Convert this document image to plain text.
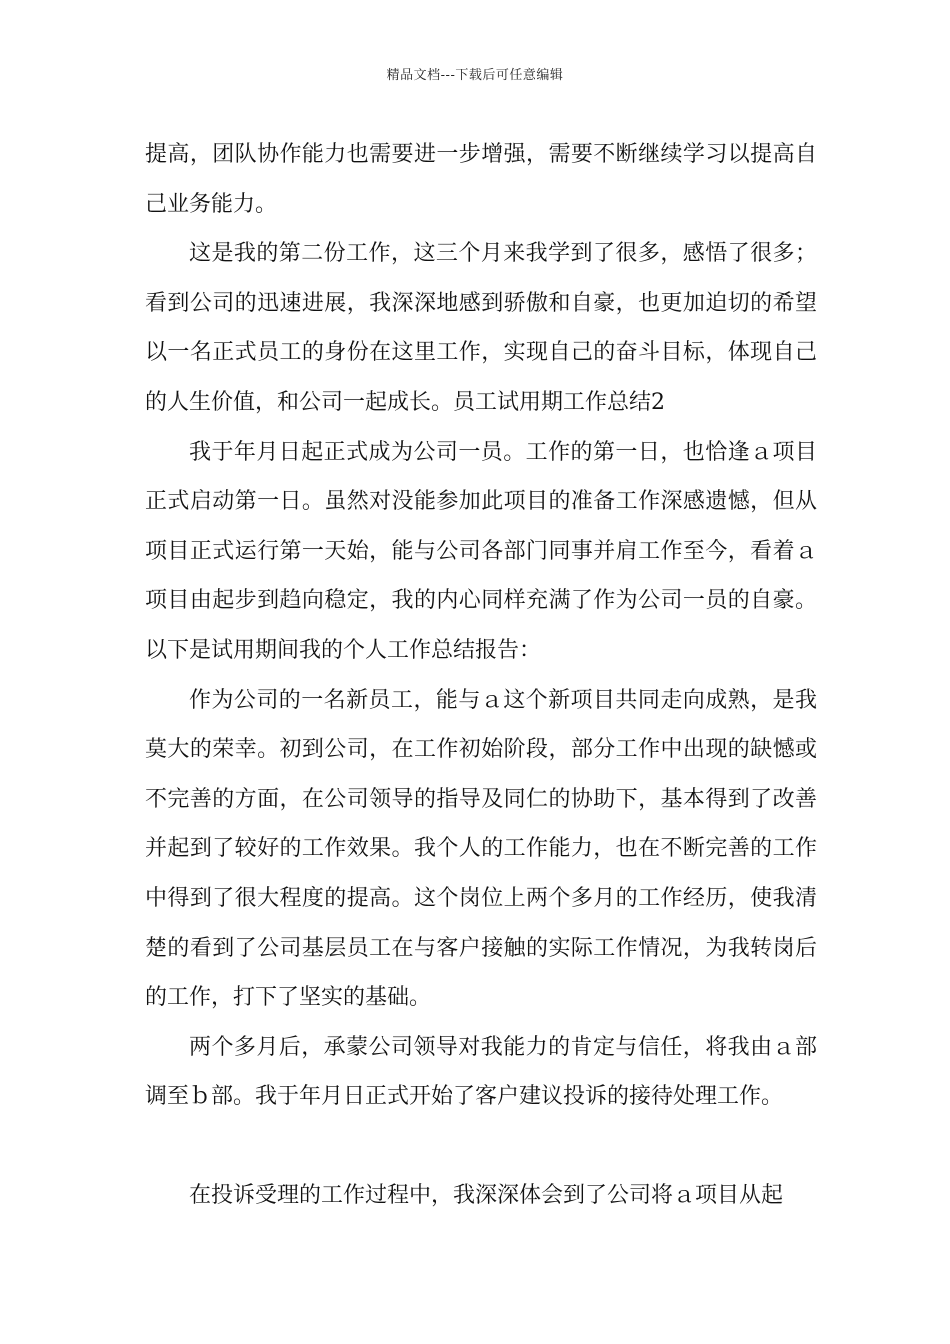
精品文档---下载后可任意编辑

提高，团队协作能力也需要进一步增强，需要不断继续学习以提高自己业务能力。

这是我的第二份工作，这三个月来我学到了很多，感悟了很多；看到公司的迅速进展，我深深地感到骄傲和自豪，也更加迫切的希望以一名正式员工的身份在这里工作，实现自己的奋斗目标，体现自己的人生价值，和公司一起成长。员工试用期工作总结2

我于年月日起正式成为公司一员。工作的第一日，也恰逢ａ项目正式启动第一日。虽然对没能参加此项目的准备工作深感遗憾，但从项目正式运行第一天始，能与公司各部门同事并肩工作至今，看着ａ项目由起步到趋向稳定，我的内心同样充满了作为公司一员的自豪。以下是试用期间我的个人工作总结报告：

作为公司的一名新员工，能与ａ这个新项目共同走向成熟，是我莫大的荣幸。初到公司，在工作初始阶段，部分工作中出现的缺憾或不完善的方面，在公司领导的指导及同仁的协助下，基本得到了改善并起到了较好的工作效果。我个人的工作能力，也在不断完善的工作中得到了很大程度的提高。这个岗位上两个多月的工作经历，使我清楚的看到了公司基层员工在与客户接触的实际工作情况，为我转岗后的工作，打下了坚实的基础。

两个多月后，承蒙公司领导对我能力的肯定与信任，将我由ａ部调至ｂ部。我于年月日正式开始了客户建议投诉的接待处理工作。

在投诉受理的工作过程中，我深深体会到了公司将ａ项目从起
